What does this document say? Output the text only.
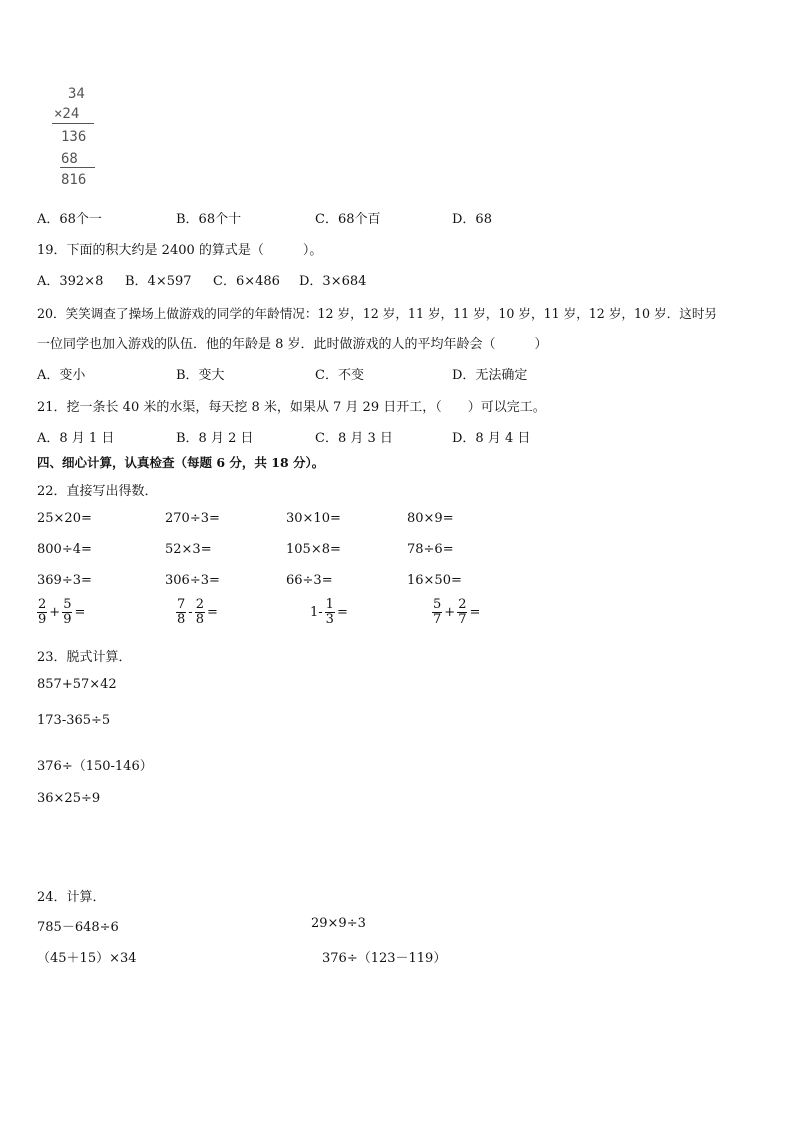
34
×24
136
68
816
A．68个一	B．68个十	C．68个百	D．68
19．下面的积大约是 2400 的算式是（　　　）。
A．392×8 B．4×597 C．6×486 D．3×684
20．笑笑调查了操场上做游戏的同学的年龄情况：12 岁，12 岁，11 岁，11 岁，10 岁，11 岁，12 岁，10 岁．这时另
一位同学也加入游戏的队伍．他的年龄是 8 岁．此时做游戏的人的平均年龄会（　　　）
A．变小	B．变大	C．不变	D．无法确定
21．挖一条长 40 米的水渠，每天挖 8 米，如果从 7 月 29 日开工，（　　）可以完工。
A．8 月 1 日	B．8 月 2 日	C．8 月 3 日	D．8 月 4 日
四、细心计算，认真检查（每题 6 分，共 18 分）。
22．直接写出得数．
25×20=	270÷3=	30×10=	80×9=
800÷4=	52×3=	105×8=	78÷6=
369÷3=	306÷3=	66÷3=	16×50=
$\frac{2}{9} + \frac{5}{9}$ =	$\frac{7}{8} - \frac{2}{8}$ =	$1- \frac{1}{3}$ =	$\frac{5}{7} + \frac{2}{7}$ =
23．脱式计算．
857+57×42
173-365÷5
376÷（150-146）
36×25÷9
24．计算．
785－648÷6	29×9÷3
（45＋15）×34	376÷（123－119）
